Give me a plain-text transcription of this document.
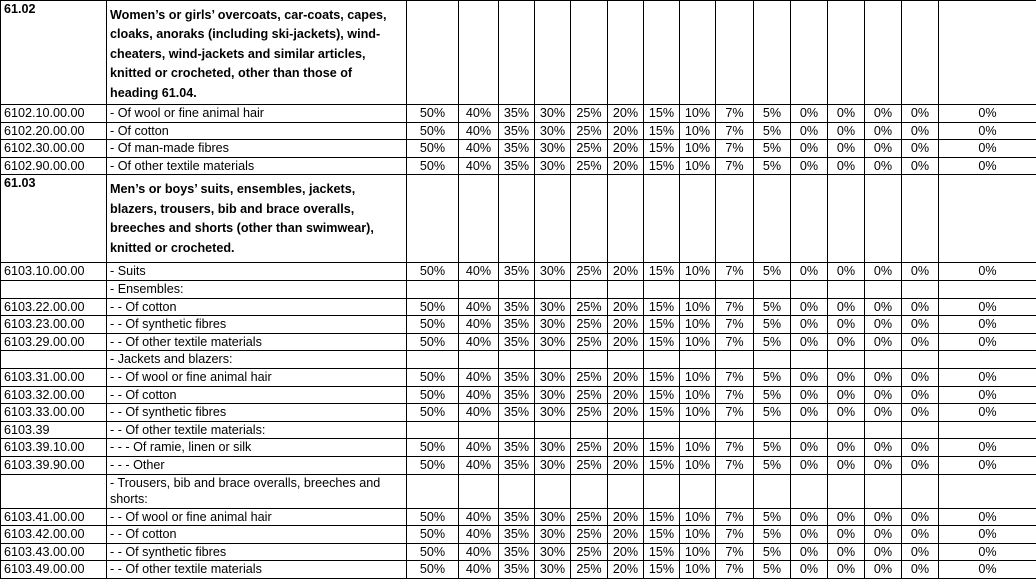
61.02	Women’s or girls’ overcoats, car-coats, capes, cloaks, anoraks (including ski-jackets), wind-cheaters, wind-jackets and similar articles, knitted or crocheted, other than those of heading 61.04.															
6102.10.00.00	- Of wool or fine animal hair	50%	40%	35%	30%	25%	20%	15%	10%	7%	5%	0%	0%	0%	0%	0%
6102.20.00.00	- Of cotton	50%	40%	35%	30%	25%	20%	15%	10%	7%	5%	0%	0%	0%	0%	0%
6102.30.00.00	- Of man-made fibres	50%	40%	35%	30%	25%	20%	15%	10%	7%	5%	0%	0%	0%	0%	0%
6102.90.00.00	- Of other textile materials	50%	40%	35%	30%	25%	20%	15%	10%	7%	5%	0%	0%	0%	0%	0%
61.03	Men’s or boys’ suits, ensembles, jackets, blazers, trousers, bib and brace overalls, breeches and shorts (other than swimwear), knitted or crocheted.															
6103.10.00.00	- Suits	50%	40%	35%	30%	25%	20%	15%	10%	7%	5%	0%	0%	0%	0%	0%
	- Ensembles:															
6103.22.00.00	- - Of cotton	50%	40%	35%	30%	25%	20%	15%	10%	7%	5%	0%	0%	0%	0%	0%
6103.23.00.00	- - Of synthetic fibres	50%	40%	35%	30%	25%	20%	15%	10%	7%	5%	0%	0%	0%	0%	0%
6103.29.00.00	- - Of other textile materials	50%	40%	35%	30%	25%	20%	15%	10%	7%	5%	0%	0%	0%	0%	0%
	- Jackets and blazers:															
6103.31.00.00	- - Of wool or fine animal hair	50%	40%	35%	30%	25%	20%	15%	10%	7%	5%	0%	0%	0%	0%	0%
6103.32.00.00	- - Of cotton	50%	40%	35%	30%	25%	20%	15%	10%	7%	5%	0%	0%	0%	0%	0%
6103.33.00.00	- - Of synthetic fibres	50%	40%	35%	30%	25%	20%	15%	10%	7%	5%	0%	0%	0%	0%	0%
6103.39	- - Of other textile materials:															
6103.39.10.00	- - - Of ramie, linen or silk	50%	40%	35%	30%	25%	20%	15%	10%	7%	5%	0%	0%	0%	0%	0%
6103.39.90.00	- - - Other	50%	40%	35%	30%	25%	20%	15%	10%	7%	5%	0%	0%	0%	0%	0%
	- Trousers, bib and brace overalls, breeches and shorts:															
6103.41.00.00	- - Of wool or fine animal hair	50%	40%	35%	30%	25%	20%	15%	10%	7%	5%	0%	0%	0%	0%	0%
6103.42.00.00	- - Of cotton	50%	40%	35%	30%	25%	20%	15%	10%	7%	5%	0%	0%	0%	0%	0%
6103.43.00.00	- - Of synthetic fibres	50%	40%	35%	30%	25%	20%	15%	10%	7%	5%	0%	0%	0%	0%	0%
6103.49.00.00	- - Of other textile materials	50%	40%	35%	30%	25%	20%	15%	10%	7%	5%	0%	0%	0%	0%	0%
